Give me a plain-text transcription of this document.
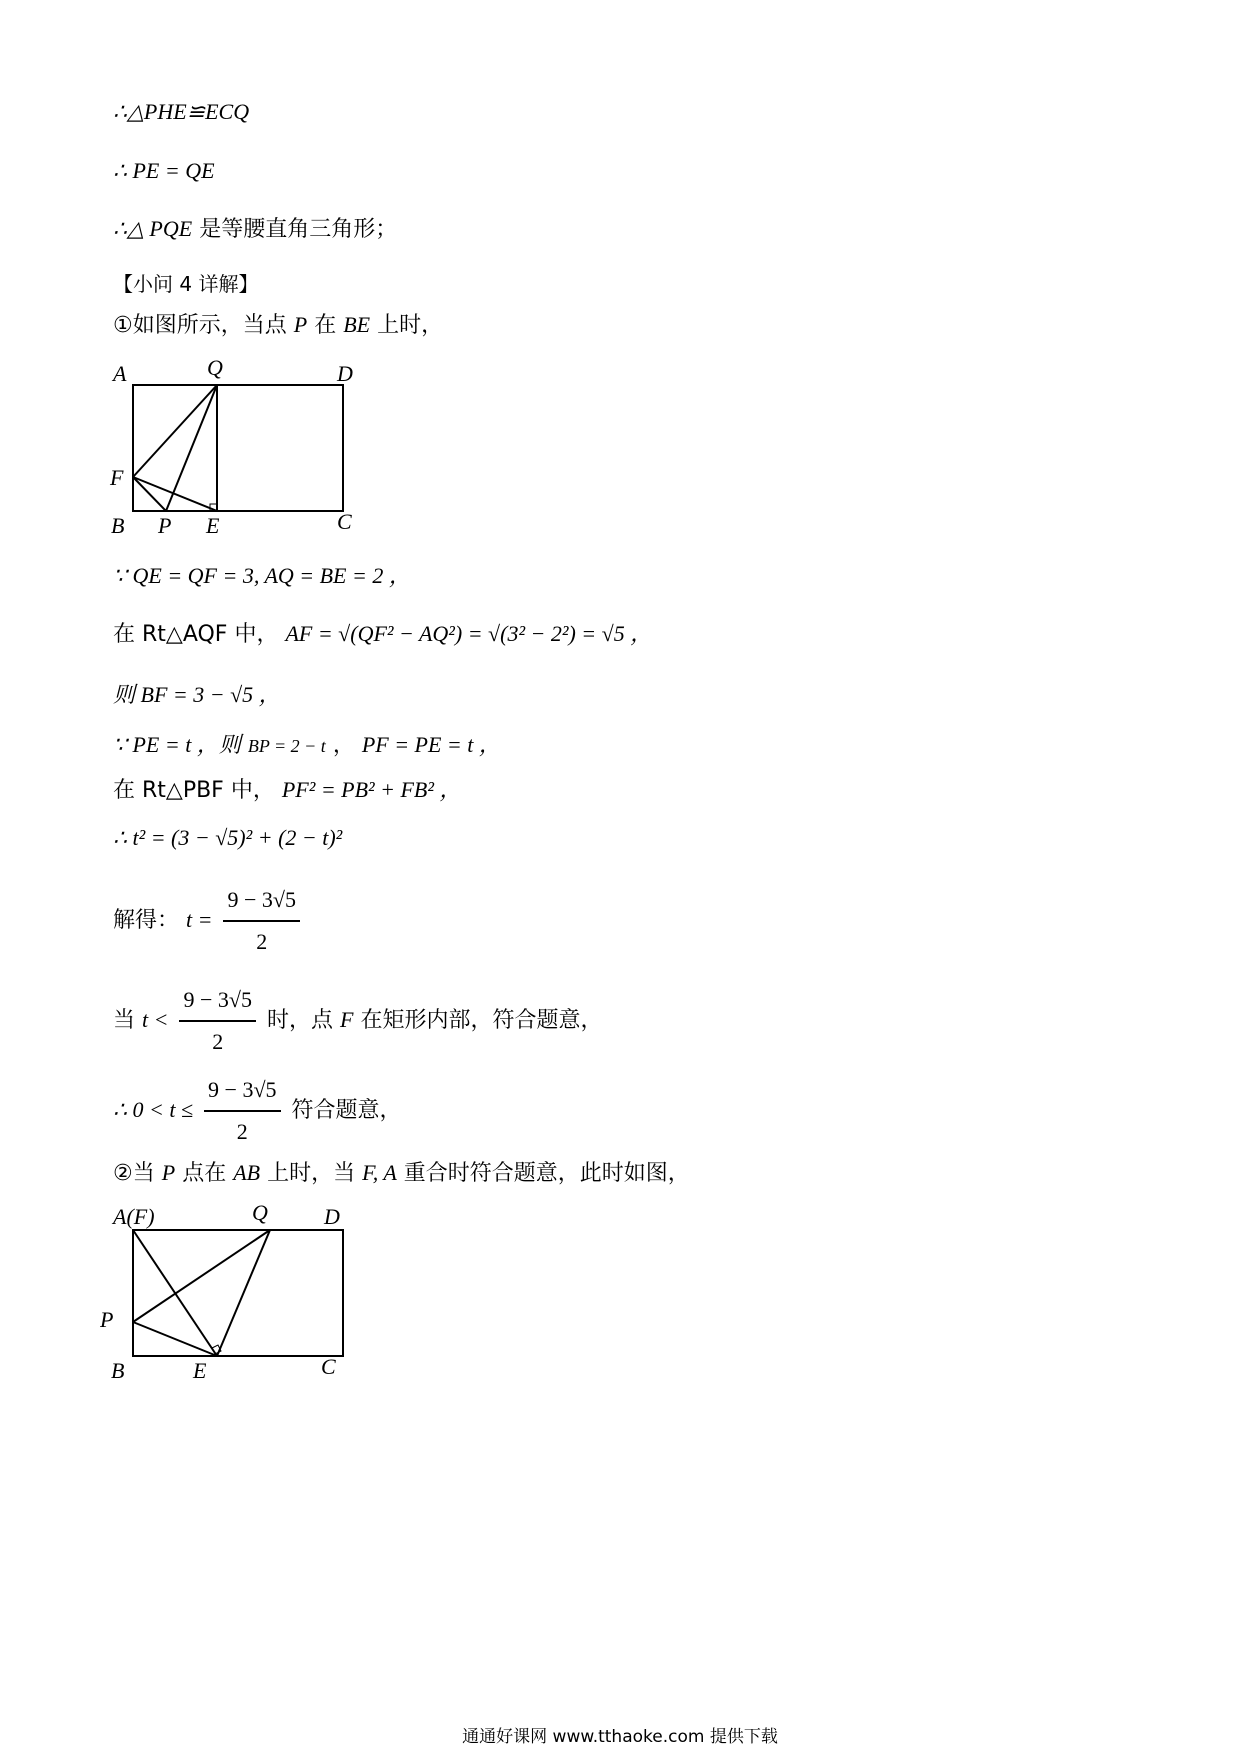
∴△PHE≌ECQ
∴ PE = QE
∴△ PQE 是等腰直角三角形；
【小问 4 详解】
①如图所示，当点 P 在 BE 上时，
A	Q	D
F
B P E	C
∵ QE = QF = 3, AQ = BE = 2 ，
在 Rt△AQF 中， AF = √(QF² − AQ²) = √(3² − 2²) = √5 ，
则 BF = 3 − √5 ，
∵ PE = t ，则 BP = 2 − t ， PF = PE = t ，
在 Rt△PBF 中， PF² = PB² + FB² ，
∴ t² = (3 − √5)² + (2 − t)²
解得： $t = \frac{9 - 3√5}{2}$
当 $t < \frac{9 - 3√5}{2}$ 时，点 F 在矩形内部，符合题意，
∴ $0 < t \le \frac{9 - 3√5}{2}$ 符合题意，
②当 P 点在 AB 上时，当 F, A 重合时符合题意，此时如图，
A(F)	Q	D
P
B	E	C
通通好课网 www.tthaoke.com 提供下载
